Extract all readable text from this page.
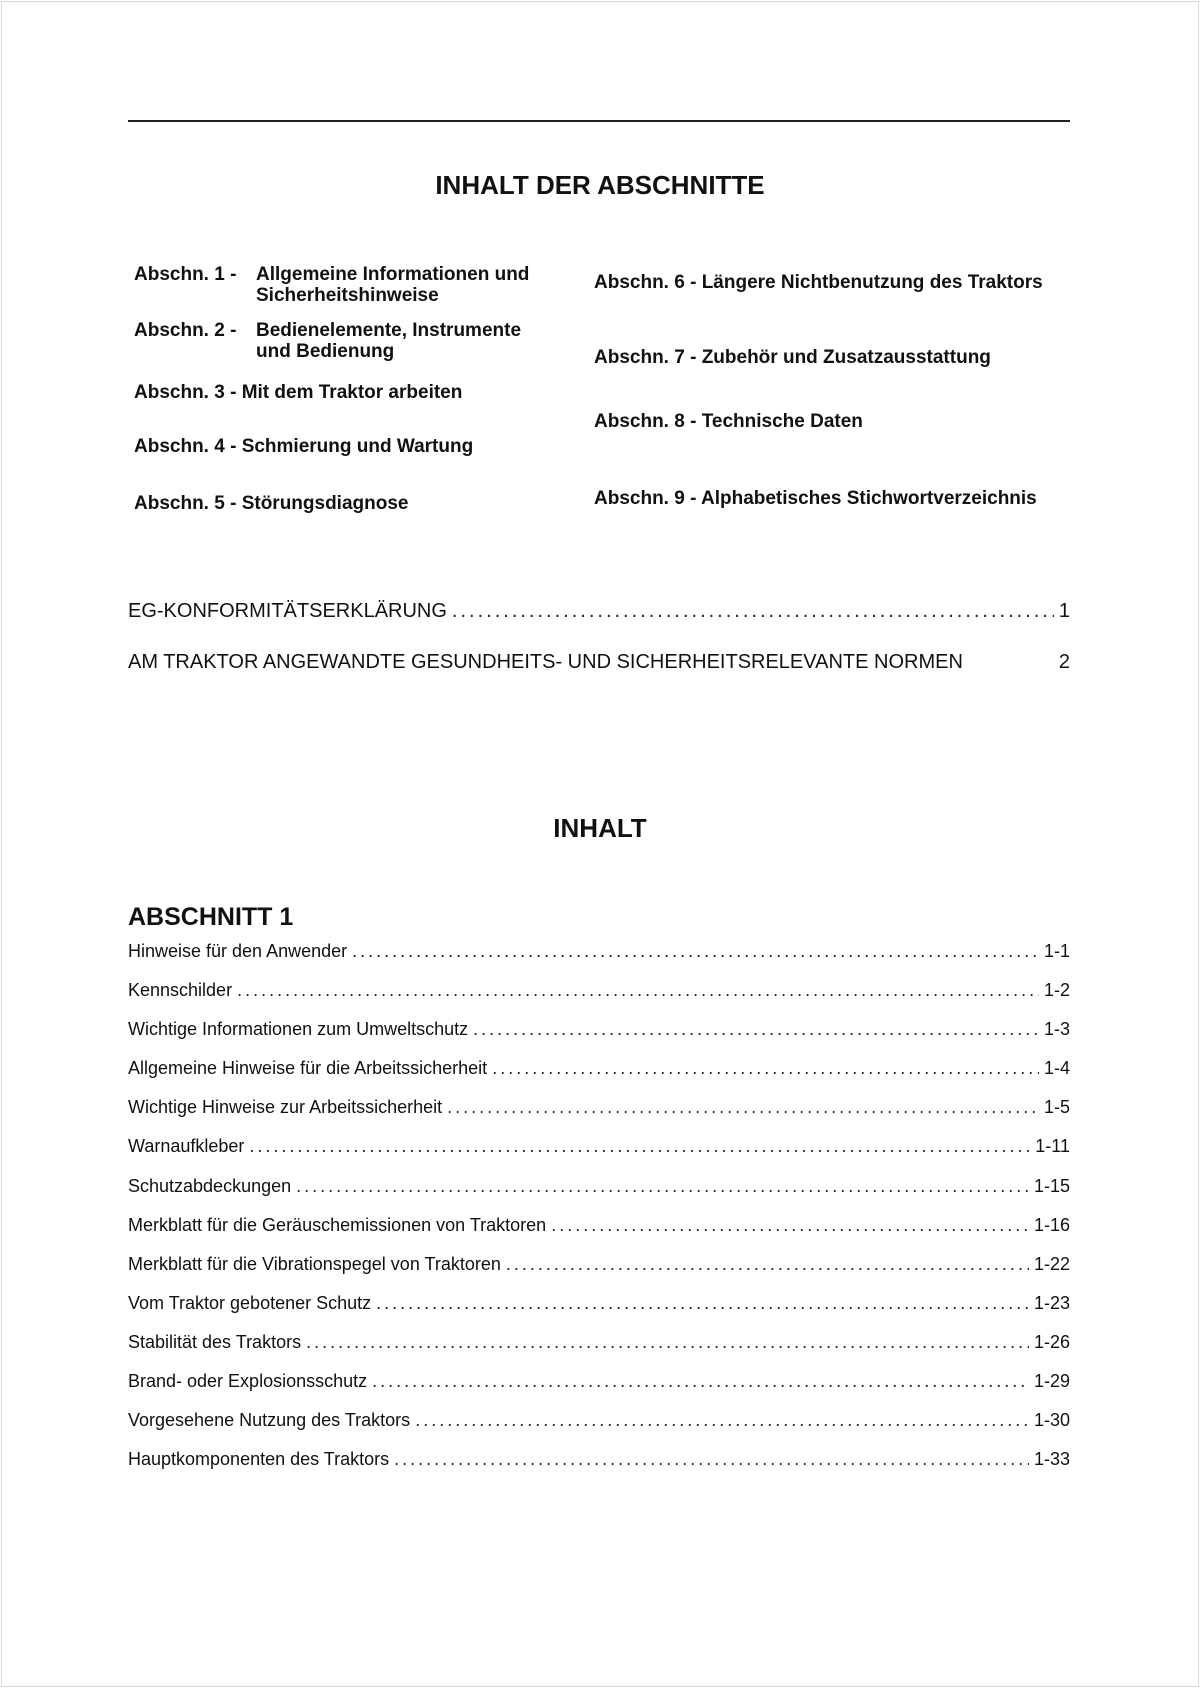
INHALT DER ABSCHNITTE
Abschn. 1 - Allgemeine Informationen und Sicherheitshinweise
Abschn. 2 - Bedienelemente, Instrumente und Bedienung
Abschn. 3 - Mit dem Traktor arbeiten
Abschn. 4 - Schmierung und Wartung
Abschn. 5 - Störungsdiagnose
Abschn. 6 - Längere Nichtbenutzung des Traktors
Abschn. 7 - Zubehör und Zusatzausstattung
Abschn. 8 - Technische Daten
Abschn. 9 - Alphabetisches Stichwortverzeichnis
EG-KONFORMITÄTSERKLÄRUNG .....	1
AM TRAKTOR ANGEWANDTE GESUNDHEITS- UND SICHERHEITSRELEVANTE NORMEN	2
INHALT
ABSCHNITT 1
Hinweise für den Anwender .....	1-1
Kennschilder .....	1-2
Wichtige Informationen zum Umweltschutz .....	1-3
Allgemeine Hinweise für die Arbeitssicherheit .....	1-4
Wichtige Hinweise zur Arbeitssicherheit .....	1-5
Warnaufkleber .....	1-11
Schutzabdeckungen .....	1-15
Merkblatt für die Geräuschemissionen von Traktoren .....	1-16
Merkblatt für die Vibrationspegel von Traktoren .....	1-22
Vom Traktor gebotener Schutz .....	1-23
Stabilität des Traktors .....	1-26
Brand- oder Explosionsschutz .....	1-29
Vorgesehene Nutzung des Traktors .....	1-30
Hauptkomponenten des Traktors .....	1-33
